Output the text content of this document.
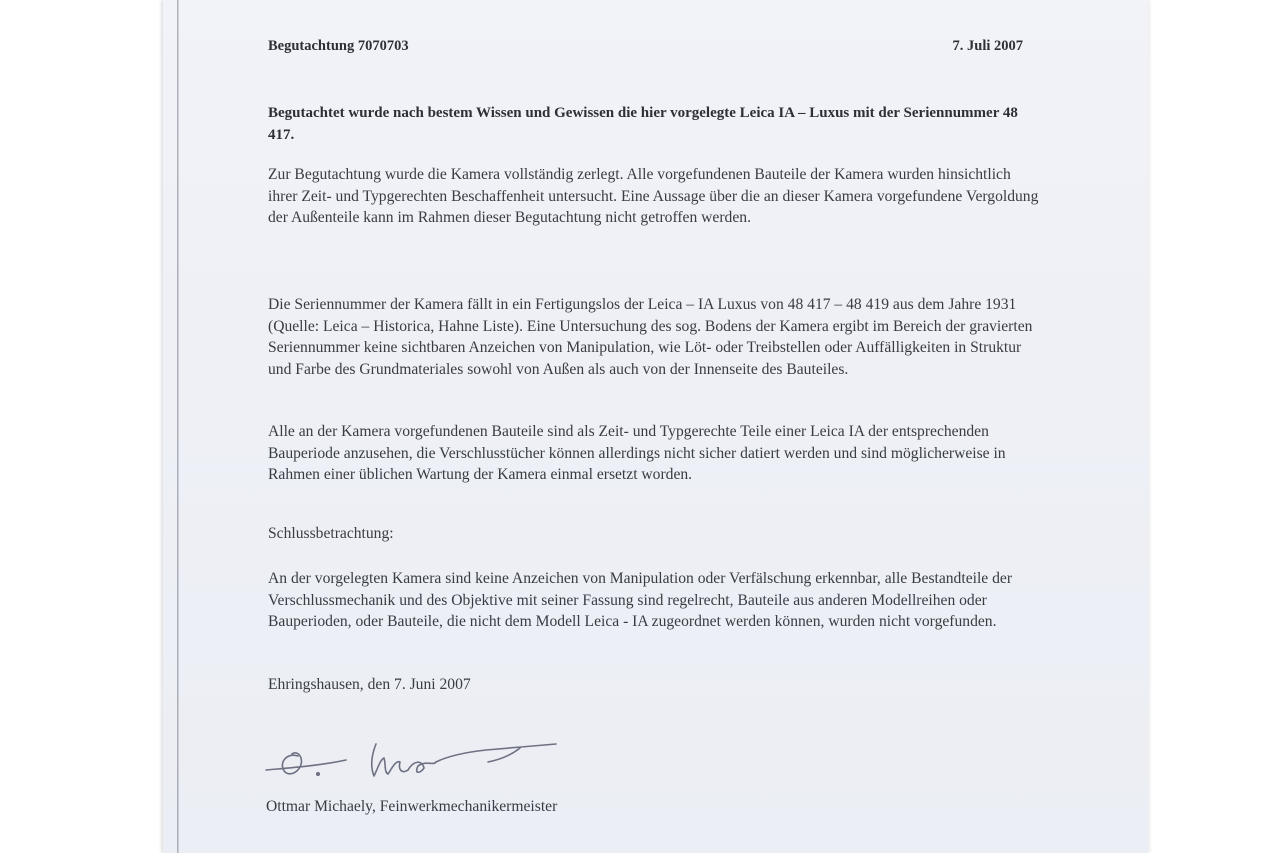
Begutachtung 7070703	7. Juli 2007

Begutachtet wurde nach bestem Wissen und Gewissen die hier vorgelegte Leica IA – Luxus mit der Seriennummer 48 417.

Zur Begutachtung wurde die Kamera vollständig zerlegt. Alle vorgefundenen Bauteile der Kamera wurden hinsichtlich ihrer Zeit- und Typgerechten Beschaffenheit untersucht. Eine Aussage über die an dieser Kamera vorgefundene Vergoldung der Außenteile kann im Rahmen dieser Begutachtung nicht getroffen werden.

Die Seriennummer der Kamera fällt in ein Fertigungslos der Leica – IA Luxus von 48 417 – 48 419 aus dem Jahre 1931 (Quelle: Leica – Historica, Hahne Liste). Eine Untersuchung des sog. Bodens der Kamera ergibt im Bereich der gravierten Seriennummer keine sichtbaren Anzeichen von Manipulation, wie Löt- oder Treibstellen oder Auffälligkeiten in Struktur und Farbe des Grundmateriales sowohl von Außen als auch von der Innenseite des Bauteiles.

Alle an der Kamera vorgefundenen Bauteile sind als Zeit- und Typgerechte Teile einer Leica IA der entsprechenden Bauperiode anzusehen, die Verschlusstücher können allerdings nicht sicher datiert werden und sind möglicherweise in Rahmen einer üblichen Wartung der Kamera einmal ersetzt worden.

Schlussbetrachtung:

An der vorgelegten Kamera sind keine Anzeichen von Manipulation oder Verfälschung erkennbar, alle Bestandteile der Verschlussmechanik und des Objektive mit seiner Fassung sind regelrecht, Bauteile aus anderen Modellreihen oder Bauperioden, oder Bauteile, die nicht dem Modell Leica - IA zugeordnet werden können, wurden nicht vorgefunden.

Ehringshausen, den 7. Juni 2007

Ottmar Michaely, Feinwerkmechanikermeister
